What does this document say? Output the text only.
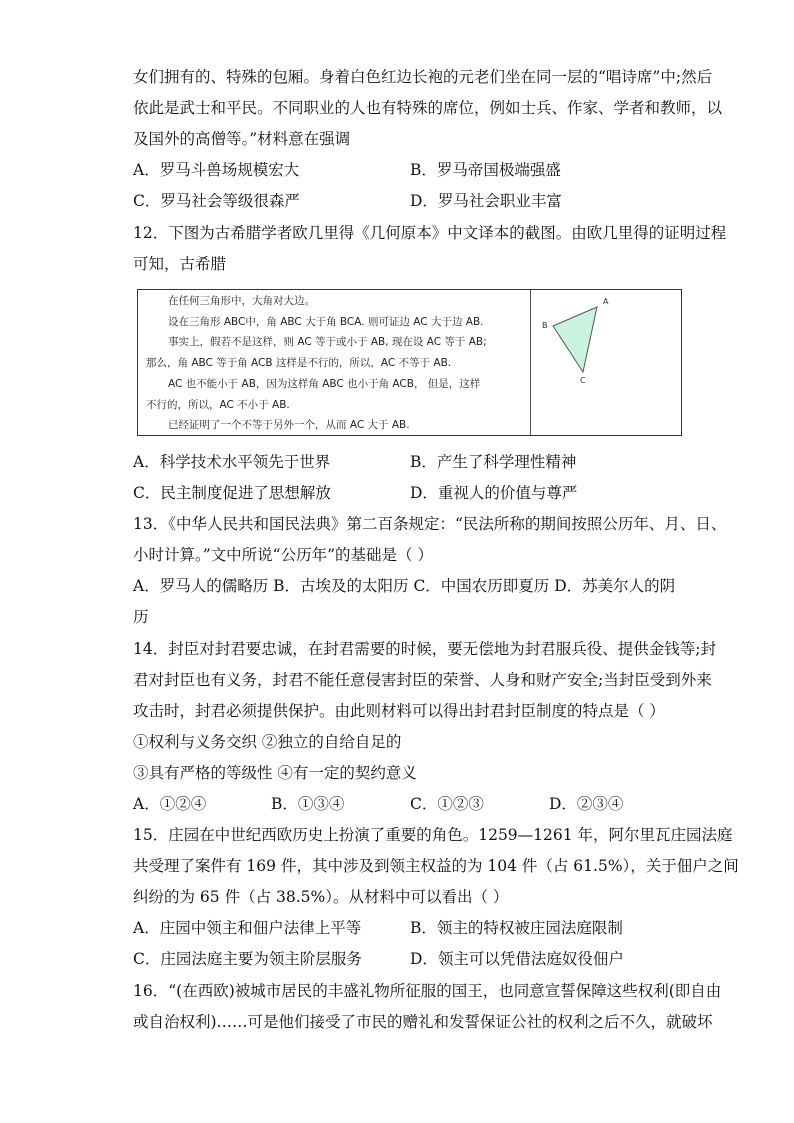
女们拥有的、特殊的包厢。身着白色红边长袍的元老们坐在同一层的“唱诗席”中;然后
依此是武士和平民。不同职业的人也有特殊的席位，例如士兵、作家、学者和教师，以
及国外的高僧等。”材料意在强调
A．罗马斗兽场规模宏大	B．罗马帝国极端强盛
C．罗马社会等级很森严	D．罗马社会职业丰富
12．下图为古希腊学者欧几里得《几何原本》中文译本的截图。由欧几里得的证明过程
可知，古希腊
在任何三角形中，大角对大边。
设在三角形 ABC中，角 ABC 大于角 BCA. 则可证边 AC 大于边 AB.
事实上，假若不是这样，则 AC 等于或小于 AB, 现在设 AC 等于 AB;
那么，角 ABC 等于角 ACB 这样是不行的，所以，AC 不等于 AB.
AC 也不能小于 AB，因为这样角 ABC 也小于角 ACB， 但是，这样
不行的，所以，AC 不小于 AB.
已经证明了一个不等于另外一个，从而 AC 大于 AB.
A
B
C
A．科学技术水平领先于世界	B．产生了科学理性精神
C．民主制度促进了思想解放	D．重视人的价值与尊严
13．《中华人民共和国民法典》第二百条规定：“民法所称的期间按照公历年、月、日、
小时计算。”文中所说“公历年”的基础是（ ）
A．罗马人的儒略历 B．古埃及的太阳历 C．中国农历即夏历 D．苏美尔人的阴
历
14．封臣对封君要忠诚，在封君需要的时候，要无偿地为封君服兵役、提供金钱等;封
君对封臣也有义务，封君不能任意侵害封臣的荣誉、人身和财产安全;当封臣受到外来
攻击时，封君必须提供保护。由此则材料可以得出封君封臣制度的特点是（ ）
①权利与义务交织 ②独立的自给自足的
③具有严格的等级性 ④有一定的契约意义
A．①②④	B．①③④	C．①②③	D．②③④
15．庄园在中世纪西欧历史上扮演了重要的角色。1259—1261 年，阿尔里瓦庄园法庭
共受理了案件有 169 件，其中涉及到领主权益的为 104 件（占 61.5%），关于佃户之间
纠纷的为 65 件（占 38.5%）。从材料中可以看出（ ）
A．庄园中领主和佃户法律上平等	B．领主的特权被庄园法庭限制
C．庄园法庭主要为领主阶层服务	D．领主可以凭借法庭奴役佃户
16．“(在西欧)被城市居民的丰盛礼物所征服的国王，也同意宣誓保障这些权利(即自由
或自治权利)……可是他们接受了市民的赠礼和发誓保证公社的权利之后不久，就破坏
